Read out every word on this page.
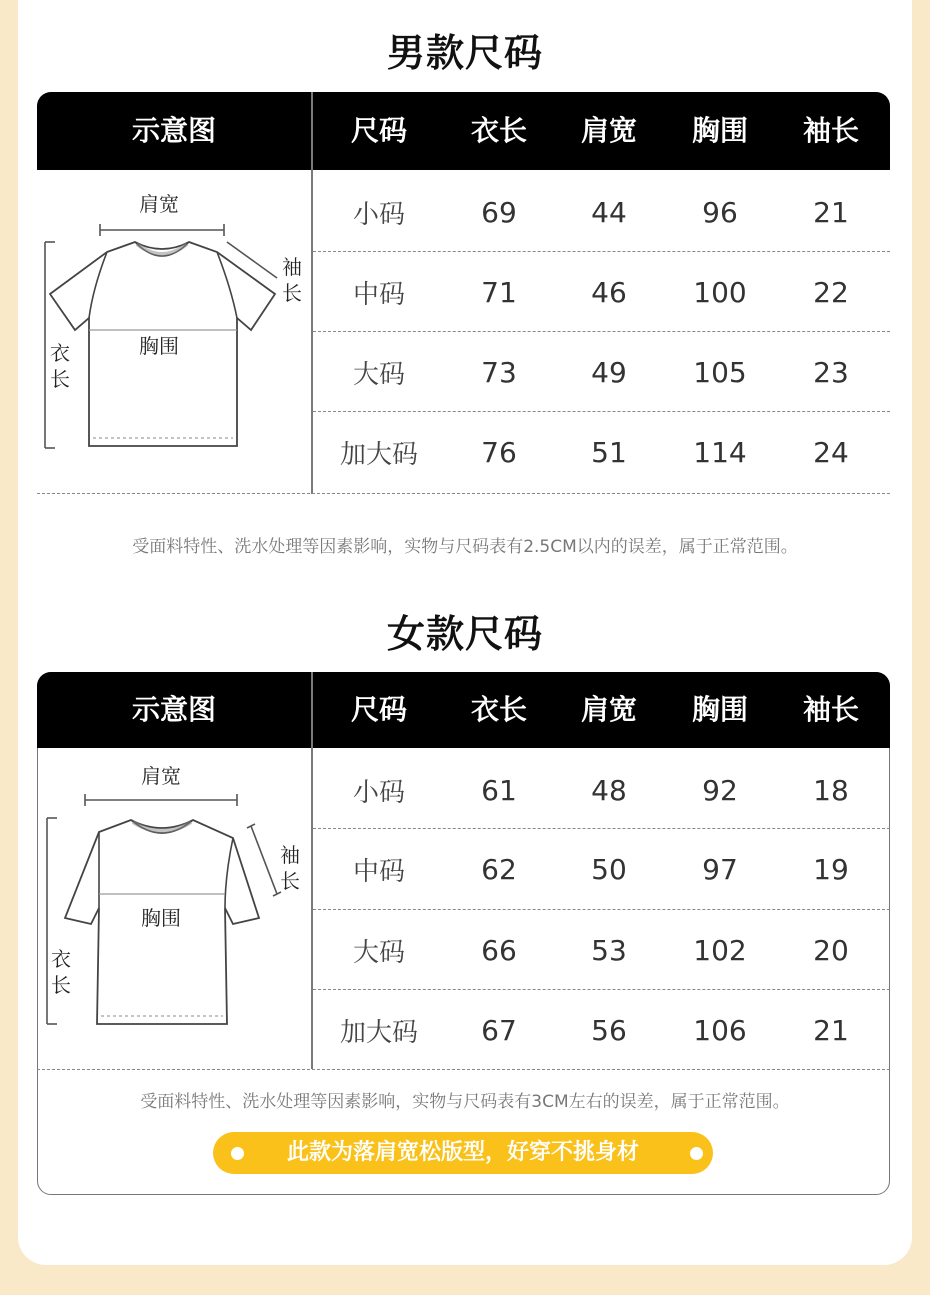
男款尺码
示意图	尺码	衣长	肩宽	胸围	袖长
肩宽
袖长
胸围
衣长
小码	69	44	96	21
中码	71	46	100	22
大码	73	49	105	23
加大码	76	51	114	24
受面料特性、洗水处理等因素影响，实物与尺码表有2.5CM以内的误差，属于正常范围。
女款尺码
示意图	尺码	衣长	肩宽	胸围	袖长
肩宽
袖长
胸围
衣长
小码	61	48	92	18
中码	62	50	97	19
大码	66	53	102	20
加大码	67	56	106	21
受面料特性、洗水处理等因素影响，实物与尺码表有3CM左右的误差，属于正常范围。
此款为落肩宽松版型，好穿不挑身材
